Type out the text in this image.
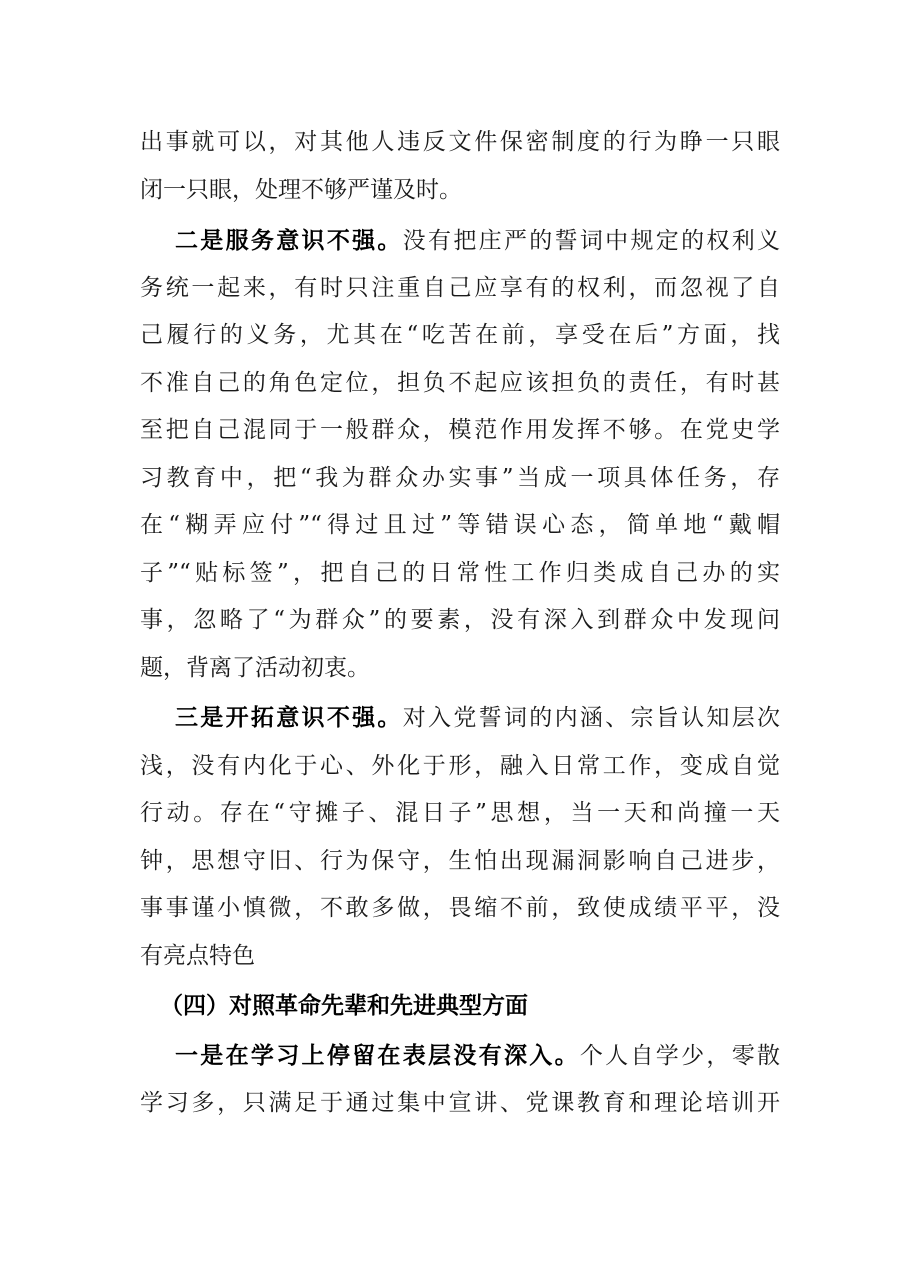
出事就可以，对其他人违反文件保密制度的行为睁一只眼
闭一只眼，处理不够严谨及时。
二是服务意识不强。没有把庄严的誓词中规定的权利义
务统一起来，有时只注重自己应享有的权利，而忽视了自
己履行的义务，尤其在“吃苦在前，享受在后”方面，找
不准自己的角色定位，担负不起应该担负的责任，有时甚
至把自己混同于一般群众，模范作用发挥不够。在党史学
习教育中，把“我为群众办实事”当成一项具体任务，存
在“糊弄应付”“得过且过”等错误心态，简单地“戴帽
子”“贴标签”，把自己的日常性工作归类成自己办的实
事，忽略了“为群众”的要素，没有深入到群众中发现问
题，背离了活动初衷。
三是开拓意识不强。对入党誓词的内涵、宗旨认知层次
浅，没有内化于心、外化于形，融入日常工作，变成自觉
行动。存在“守摊子、混日子”思想，当一天和尚撞一天
钟，思想守旧、行为保守，生怕出现漏洞影响自己进步，
事事谨小慎微，不敢多做，畏缩不前，致使成绩平平，没
有亮点特色
（四）对照革命先辈和先进典型方面
一是在学习上停留在表层没有深入。个人自学少，零散
学习多，只满足于通过集中宣讲、党课教育和理论培训开
